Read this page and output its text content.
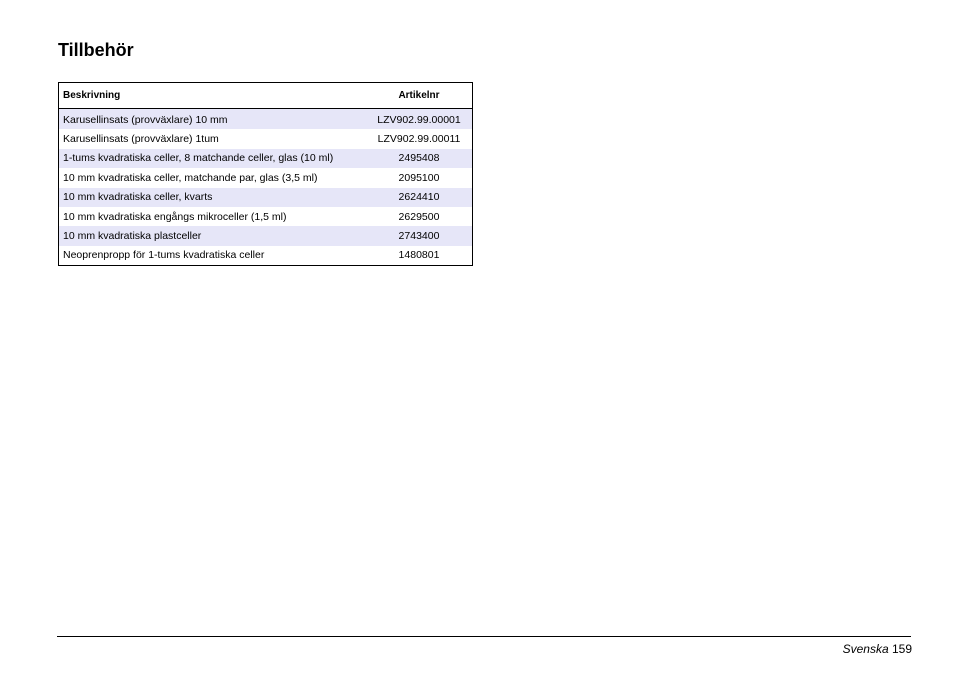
Tillbehör
Beskrivning	Artikelnr
Karusellinsats (provväxlare) 10 mm	LZV902.99.00001
Karusellinsats (provväxlare) 1tum	LZV902.99.00011
1-tums kvadratiska celler, 8 matchande celler, glas (10 ml)	2495408
10 mm kvadratiska celler, matchande par, glas (3,5 ml)	2095100
10 mm kvadratiska celler, kvarts	2624410
10 mm kvadratiska engångs mikroceller (1,5 ml)	2629500
10 mm kvadratiska plastceller	2743400
Neoprenpropp för 1-tums kvadratiska celler	1480801
Svenska 159
